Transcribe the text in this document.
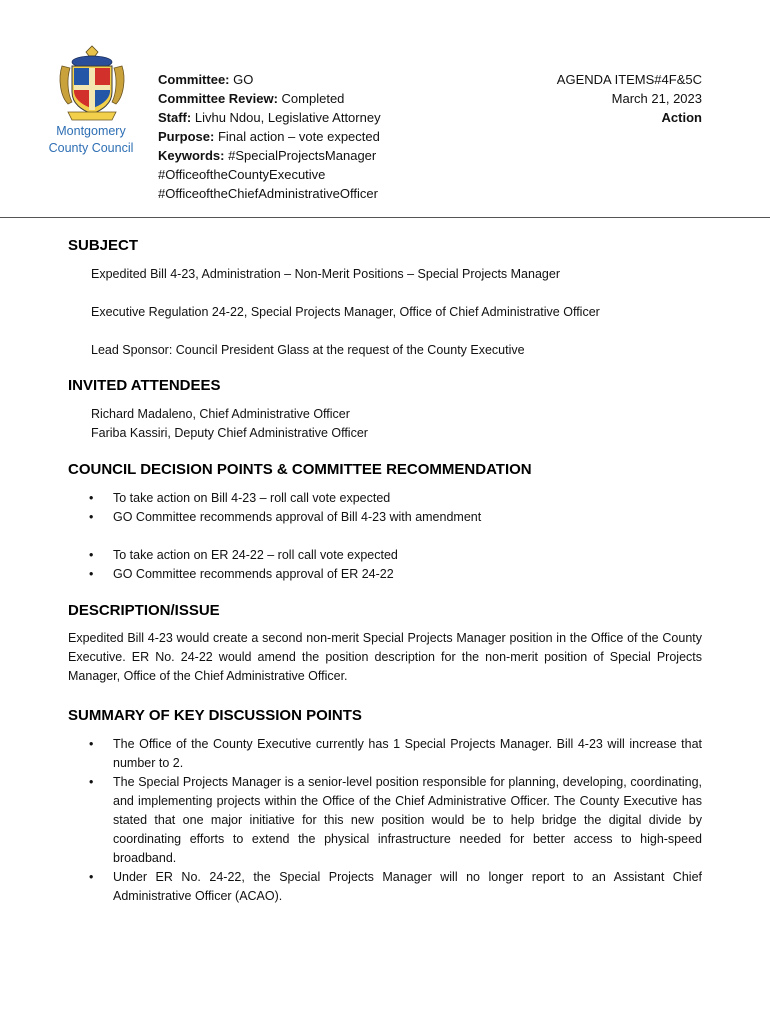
Montgomery
County Council
Committee: GO
Committee Review: Completed
Staff: Livhu Ndou, Legislative Attorney
Purpose: Final action – vote expected
Keywords: #SpecialProjectsManager
#OfficeoftheCountyExecutive
#OfficeoftheChiefAdministrativeOfficer
AGENDA ITEMS#4F&5C
March 21, 2023
Action
SUBJECT
Expedited Bill 4-23, Administration – Non-Merit Positions – Special Projects Manager
Executive Regulation 24-22, Special Projects Manager, Office of Chief Administrative Officer
Lead Sponsor: Council President Glass at the request of the County Executive
INVITED ATTENDEES
Richard Madaleno, Chief Administrative Officer
Fariba Kassiri, Deputy Chief Administrative Officer
COUNCIL DECISION POINTS & COMMITTEE RECOMMENDATION
• To take action on Bill 4-23 – roll call vote expected
• GO Committee recommends approval of Bill 4-23 with amendment
• To take action on ER 24-22 – roll call vote expected
• GO Committee recommends approval of ER 24-22
DESCRIPTION/ISSUE
Expedited Bill 4-23 would create a second non-merit Special Projects Manager position in the Office of the County Executive. ER No. 24-22 would amend the position description for the non-merit position of Special Projects Manager, Office of the Chief Administrative Officer.
SUMMARY OF KEY DISCUSSION POINTS
• The Office of the County Executive currently has 1 Special Projects Manager. Bill 4-23 will increase that number to 2.
• The Special Projects Manager is a senior-level position responsible for planning, developing, coordinating, and implementing projects within the Office of the Chief Administrative Officer. The County Executive has stated that one major initiative for this new position would be to help bridge the digital divide by coordinating efforts to extend the physical infrastructure needed for better access to high-speed broadband.
• Under ER No. 24-22, the Special Projects Manager will no longer report to an Assistant Chief Administrative Officer (ACAO).
